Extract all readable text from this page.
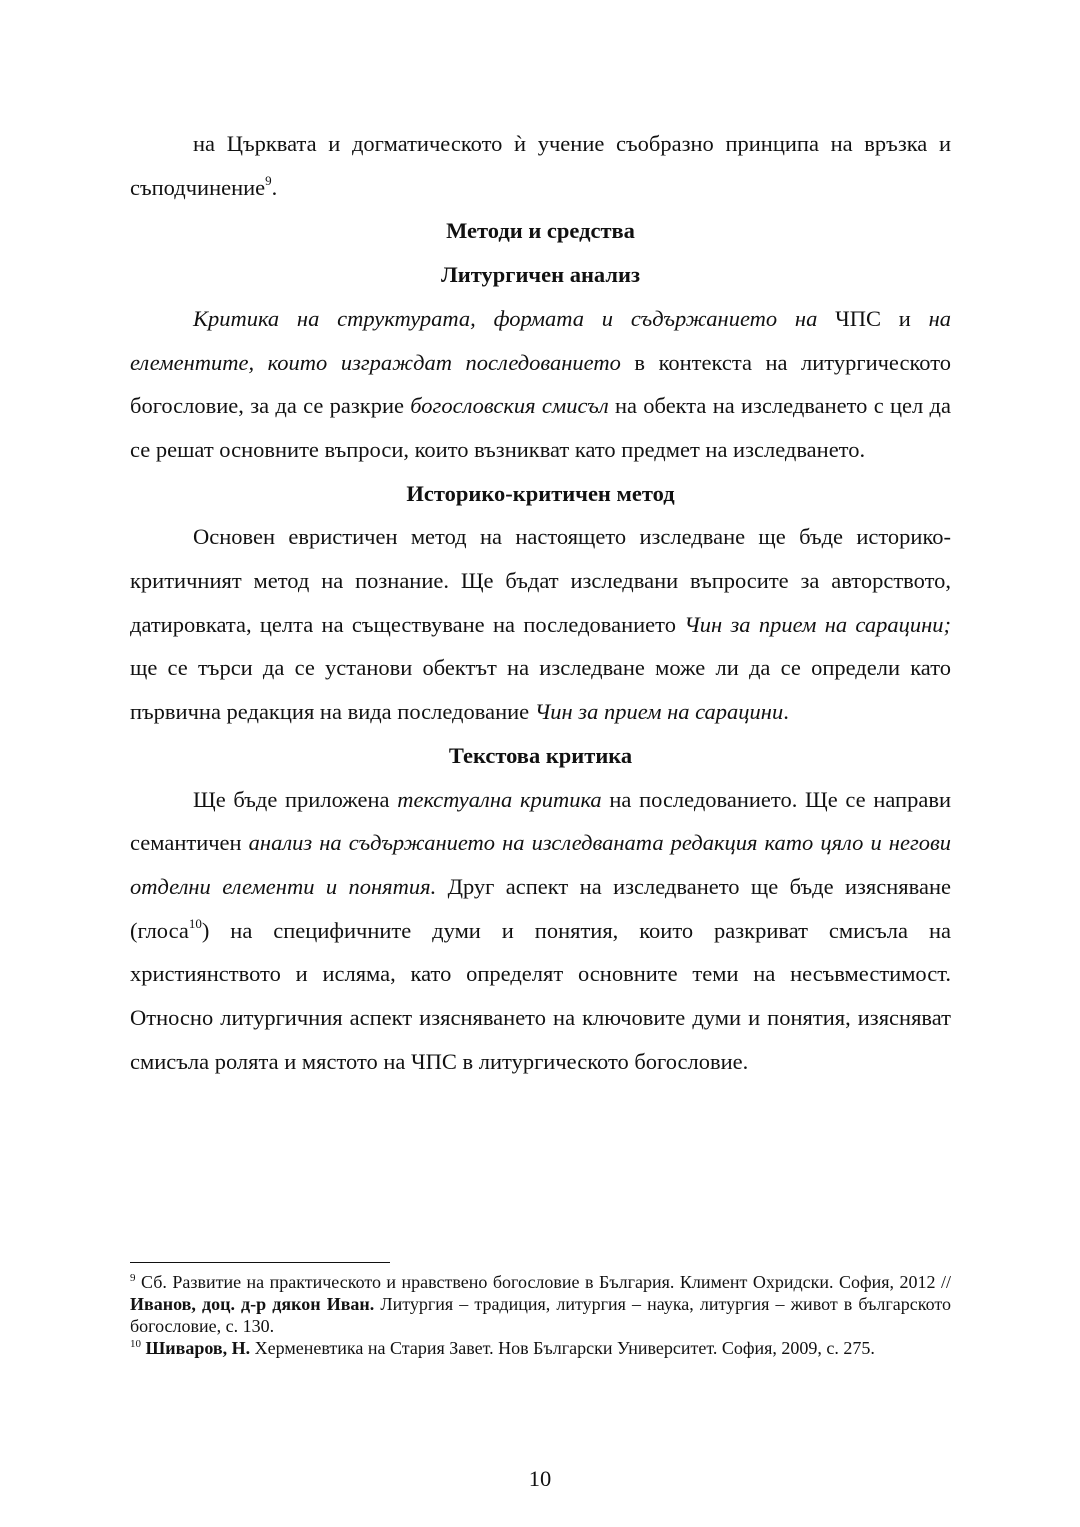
на Църквата и догматическото ѝ учение съобразно принципа на връзка и съподчинение$^9$.

Методи и средства

Литургичен анализ

Критика на структурата, формата и съдържанието на ЧПС и на елементите, които изграждат последованието в контекста на литургическото богословие, за да се разкрие богословския смисъл на обекта на изследването с цел да се решат основните въпроси, които възникват като предмет на изследването.

Историко-критичен метод

Основен евристичен метод на настоящето изследване ще бъде историко-критичният метод на познание. Ще бъдат изследвани въпросите за авторството, датировката, целта на съществуване на последованието Чин за прием на сарацини; ще се търси да се установи обектът на изследване може ли да се определи като първична редакция на вида последование Чин за прием на сарацини.

Текстова критика

Ще бъде приложена текстуална критика на последованието. Ще се направи семантичен анализ на съдържанието на изследваната редакция като цяло и негови отделни елементи и понятия. Друг аспект на изследването ще бъде изясняване (глоса$^{10}$) на специфичните думи и понятия, които разкриват смисъла на християнството и исляма, като определят основните теми на несъвместимост. Относно литургичния аспект изясняването на ключовите думи и понятия, изясняват смисъла ролята и мястото на ЧПС в литургическото богословие.

$^9$ Сб. Развитие на практическото и нравствено богословие в България. Климент Охридски. София, 2012 //Иванов, доц. д-р дякон Иван. Литургия – традиция, литургия – наука, литургия – живот в българското богословие, с. 130.

$^{10}$ Шиваров, Н. Херменевтика на Стария Завет. Нов Български Университет. София, 2009, с. 275.

10
